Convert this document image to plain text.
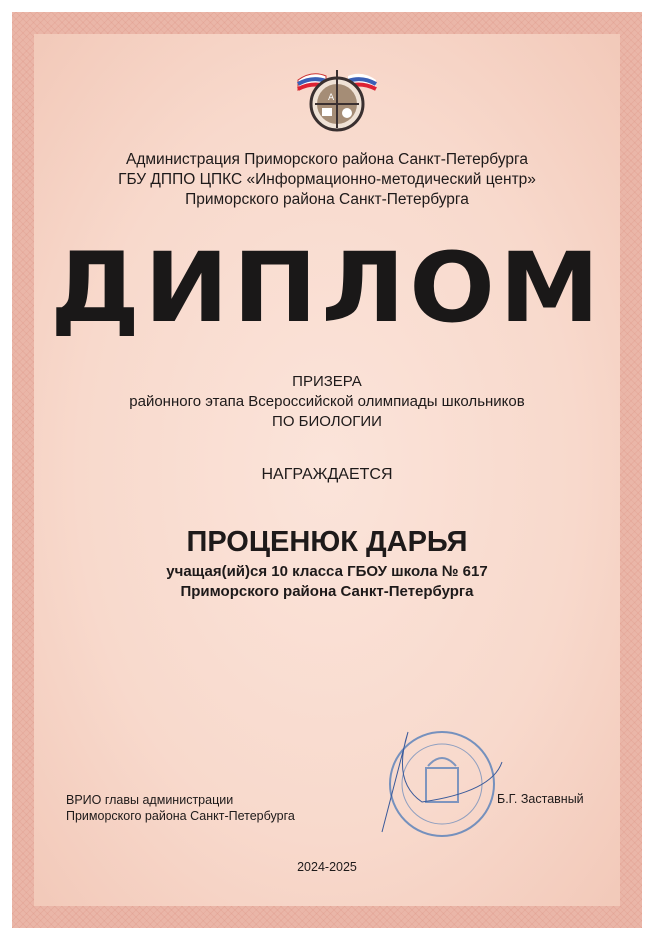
A
Администрация Приморского района Санкт-Петербурга
ГБУ ДППО ЦПКС «Информационно-методический центр»
Приморского района Санкт-Петербурга
ДИПЛОМ
ПРИЗЕРА
районного этапа Всероссийской олимпиады школьников
ПО БИОЛОГИИ
НАГРАЖДАЕТСЯ
ПРОЦЕНЮК ДАРЬЯ
учащая(ий)ся 10 класса ГБОУ школа № 617
Приморского района Санкт-Петербурга
ВРИО главы администрации
Приморского района Санкт-Петербурга
Б.Г. Заставный
2024-2025
